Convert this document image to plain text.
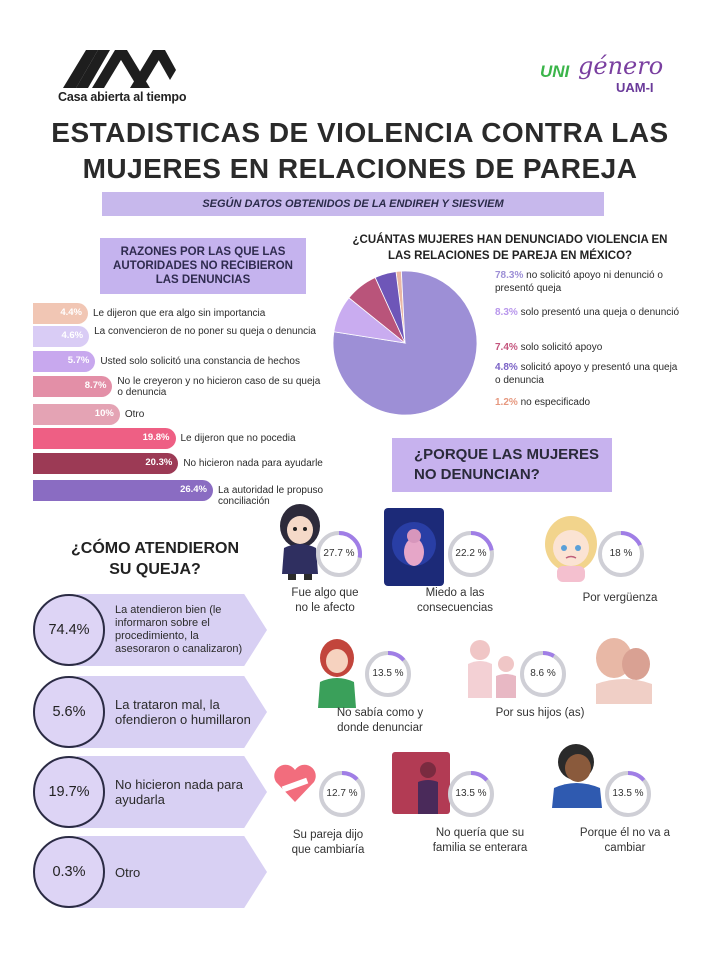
Casa abierta al tiempo
UNI género
UAM-I
ESTADISTICAS DE VIOLENCIA CONTRA LAS
MUJERES EN RELACIONES DE PAREJA
SEGÚN DATOS OBTENIDOS DE LA ENDIREH Y SIESVIEM
RAZONES POR LAS QUE LAS AUTORIDADES NO RECIBIERON LAS DENUNCIAS
4.4% Le dijeron que era algo sin importancia
4.6% La convencieron de no poner su queja o denuncia
5.7% Usted solo solicitó una constancia de hechos
8.7% No le creyeron y no hicieron caso de su queja o denuncia
10% Otro
19.8% Le dijeron que no pocedia
20.3% No hicieron nada para ayudarle
26.4% La autoridad le propuso conciliación
¿CUÁNTAS MUJERES HAN DENUNCIADO VIOLENCIA EN LAS RELACIONES DE PAREJA EN MÉXICO?
78.3% no solicitó apoyo ni denunció o presentó queja
8.3% solo presentó una queja o denunció
7.4% solo solicitó apoyo
4.8% solicitó apoyo y presentó una queja o denuncia
1.2% no especificado
¿PORQUE LAS MUJERES
NO DENUNCIAN?
27.7 %
Fue algo que
no le afecto
22.2 %
Miedo a las
consecuencias
18 %
Por vergüenza
13.5 %
No sabía como y
donde denunciar
8.6 %
Por sus hijos (as)
12.7 %
Su pareja dijo
que cambiaría
13.5 %
No quería que su
familia se enterara
13.5 %
Porque él no va a
cambiar
¿CÓMO ATENDIERON
SU QUEJA?
74.4%
La atendieron bien (le informaron sobre el procedimiento, la asesoraron o canalizaron)
5.6%	La trataron mal, la ofendieron o humillaron
19.7%	No hicieron nada para ayudarla
0.3%	Otro
